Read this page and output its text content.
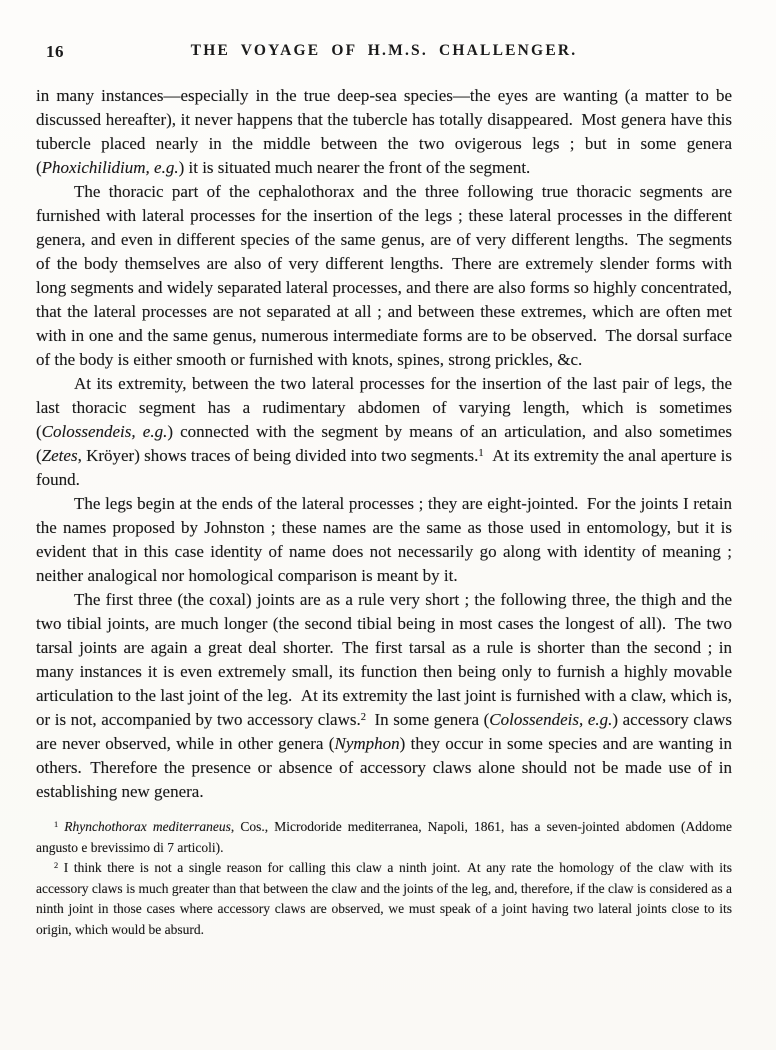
16	THE VOYAGE OF H.M.S. CHALLENGER.

in many instances—especially in the true deep-sea species—the eyes are wanting (a matter to be discussed hereafter), it never happens that the tubercle has totally disappeared. Most genera have this tubercle placed nearly in the middle between the two ovigerous legs ; but in some genera (Phoxichilidium, e.g.) it is situated much nearer the front of the segment.

The thoracic part of the cephalothorax and the three following true thoracic segments are furnished with lateral processes for the insertion of the legs ; these lateral processes in the different genera, and even in different species of the same genus, are of very different lengths. The segments of the body themselves are also of very different lengths. There are extremely slender forms with long segments and widely separated lateral processes, and there are also forms so highly concentrated, that the lateral processes are not separated at all ; and between these extremes, which are often met with in one and the same genus, numerous intermediate forms are to be observed. The dorsal surface of the body is either smooth or furnished with knots, spines, strong prickles, &c.

At its extremity, between the two lateral processes for the insertion of the last pair of legs, the last thoracic segment has a rudimentary abdomen of varying length, which is sometimes (Colossendeis, e.g.) connected with the segment by means of an articulation, and also sometimes (Zetes, Kröyer) shows traces of being divided into two segments.$^1$ At its extremity the anal aperture is found.

The legs begin at the ends of the lateral processes ; they are eight-jointed. For the joints I retain the names proposed by Johnston ; these names are the same as those used in entomology, but it is evident that in this case identity of name does not necessarily go along with identity of meaning ; neither analogical nor homological comparison is meant by it.

The first three (the coxal) joints are as a rule very short ; the following three, the thigh and the two tibial joints, are much longer (the second tibial being in most cases the longest of all). The two tarsal joints are again a great deal shorter. The first tarsal as a rule is shorter than the second ; in many instances it is even extremely small, its function then being only to furnish a highly movable articulation to the last joint of the leg. At its extremity the last joint is furnished with a claw, which is, or is not, accompanied by two accessory claws.$^2$ In some genera (Colossendeis, e.g.) accessory claws are never observed, while in other genera (Nymphon) they occur in some species and are wanting in others. Therefore the presence or absence of accessory claws alone should not be made use of in establishing new genera.

$^1$ Rhynchothorax mediterraneus, Cos., Microdoride mediterranea, Napoli, 1861, has a seven-jointed abdomen (Addome angusto e brevissimo di 7 articoli).

$^2$ I think there is not a single reason for calling this claw a ninth joint. At any rate the homology of the claw with its accessory claws is much greater than that between the claw and the joints of the leg, and, therefore, if the claw is considered as a ninth joint in those cases where accessory claws are observed, we must speak of a joint having two lateral joints close to its origin, which would be absurd.
